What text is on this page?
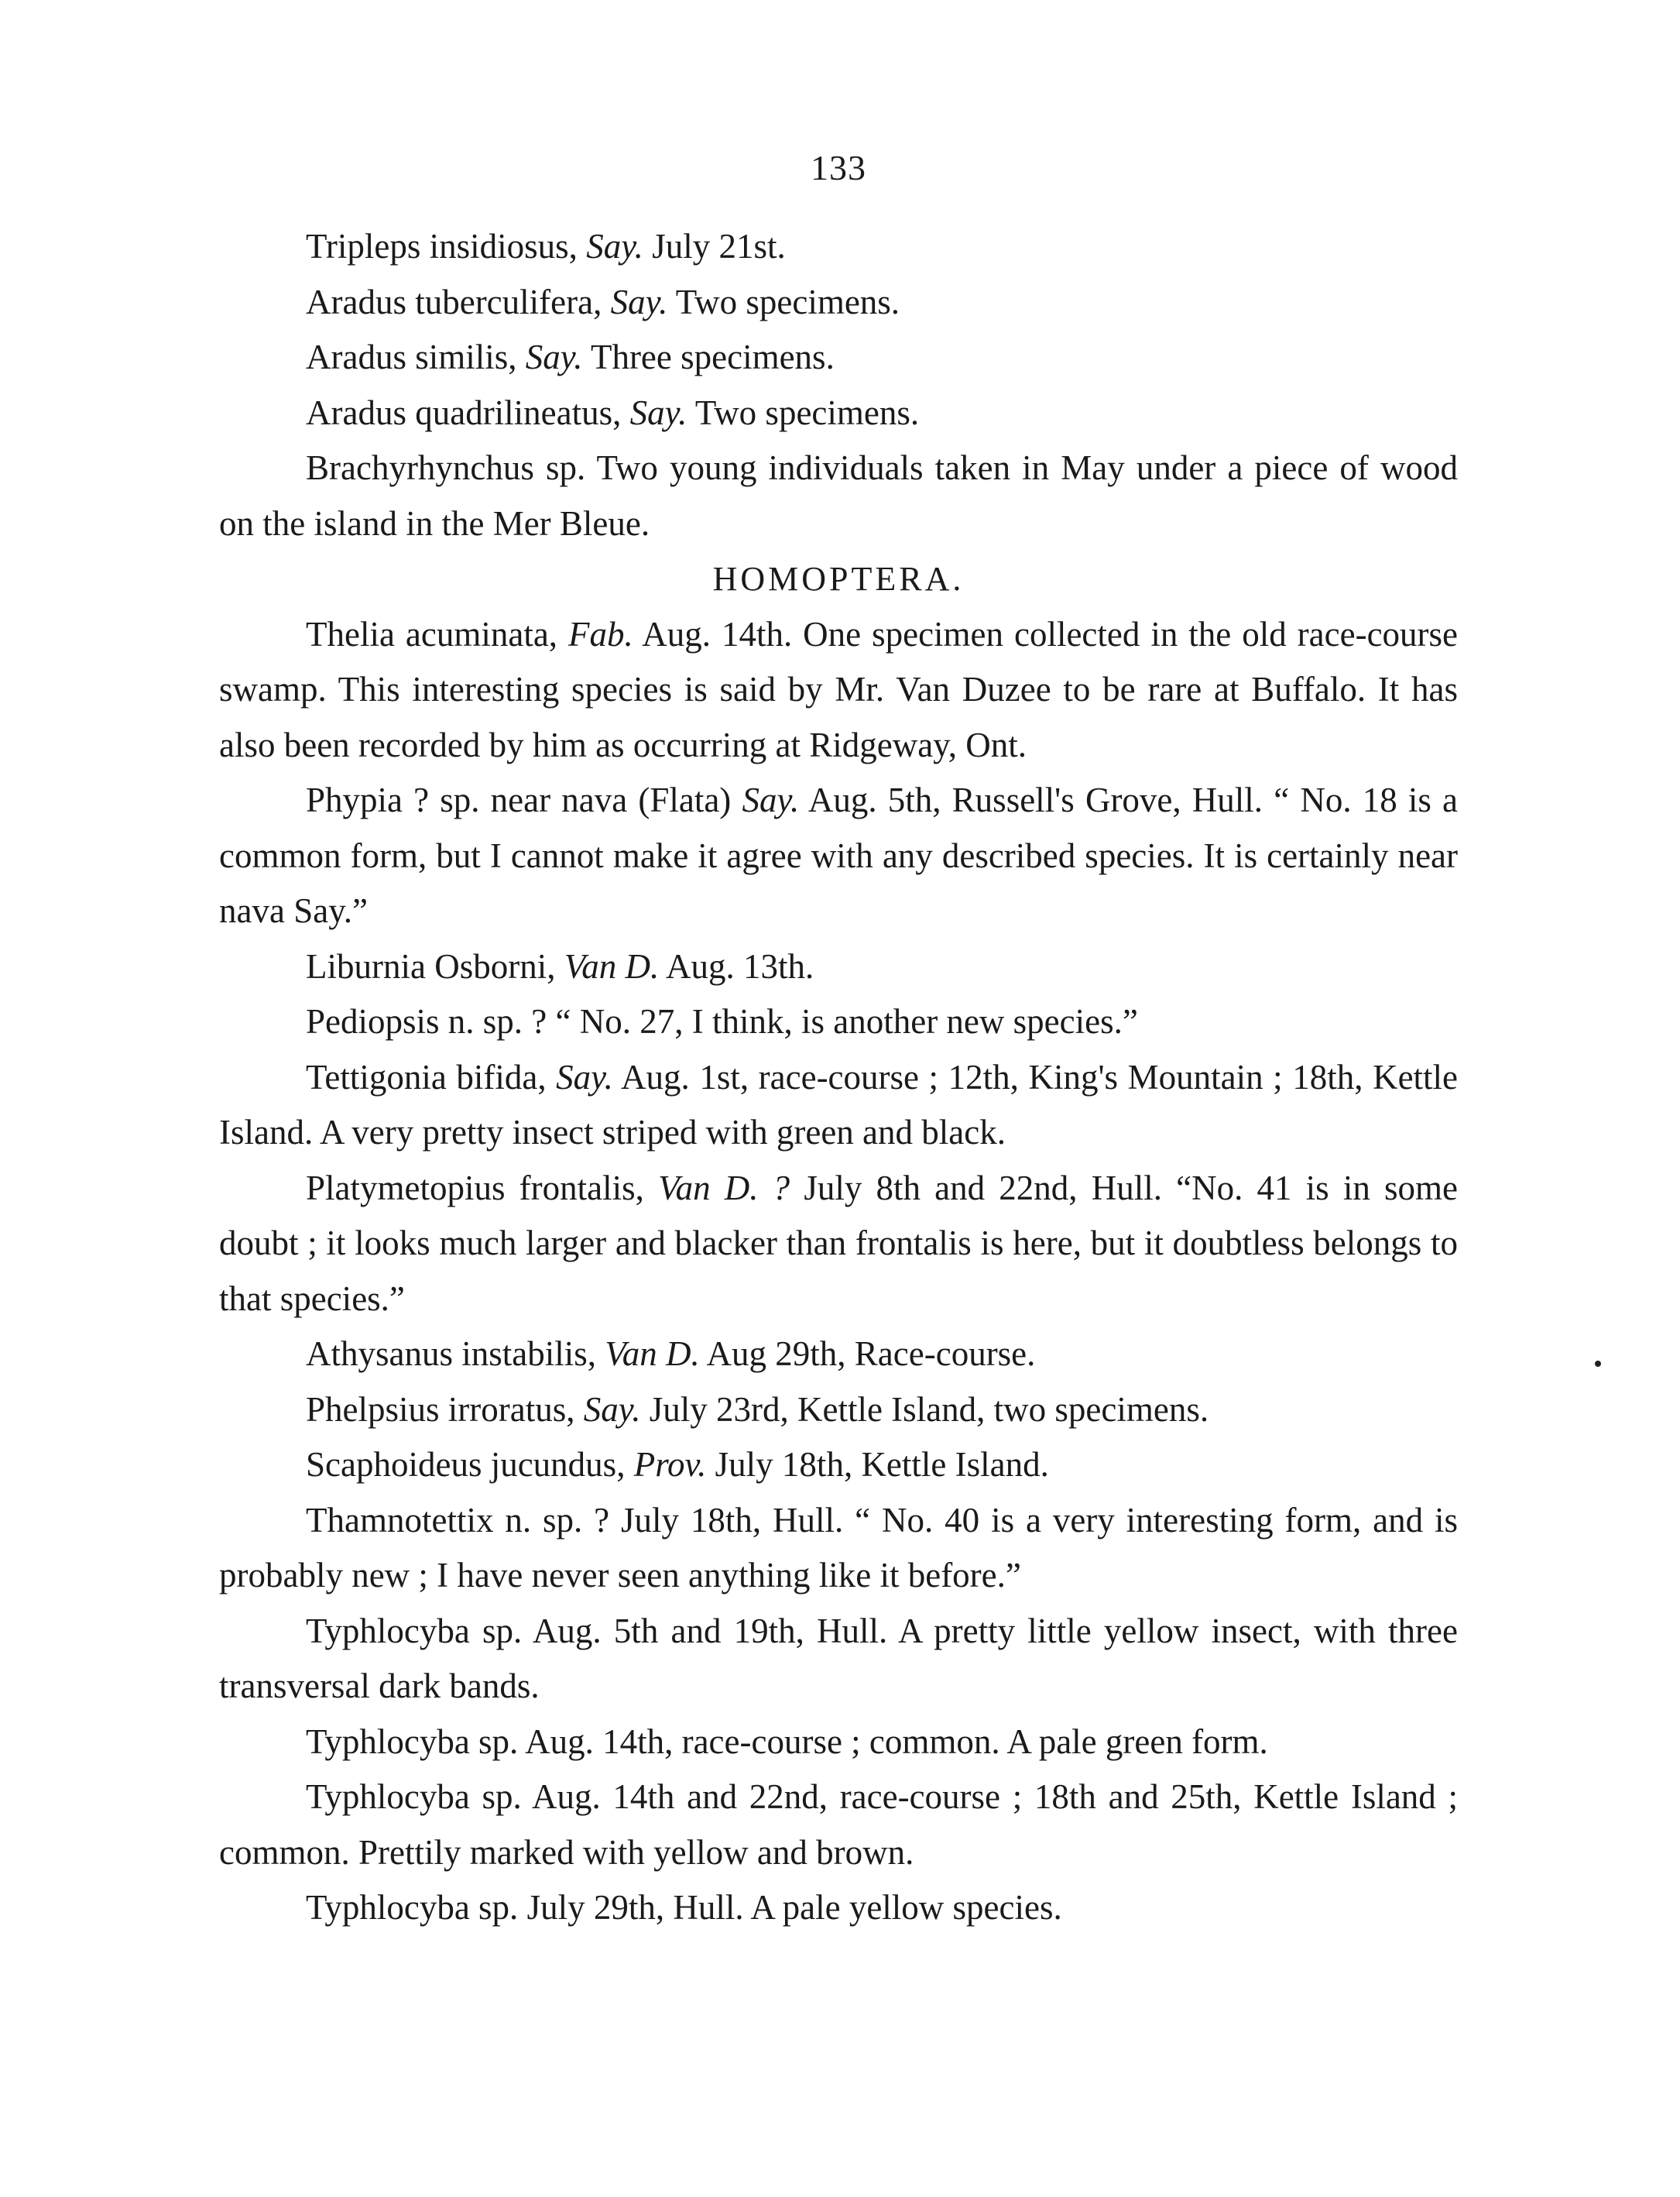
133

Tripleps insidiosus, Say. July 21st.

Aradus tuberculifera, Say. Two specimens.

Aradus similis, Say. Three specimens.

Aradus quadrilineatus, Say. Two specimens.

Brachyrhynchus sp. Two young individuals taken in May under a piece of wood on the island in the Mer Bleue.

HOMOPTERA.

Thelia acuminata, Fab. Aug. 14th. One specimen collected in the old race-course swamp. This interesting species is said by Mr. Van Duzee to be rare at Buffalo. It has also been recorded by him as occurring at Ridgeway, Ont.

Phypia ? sp. near nava (Flata) Say. Aug. 5th, Russell's Grove, Hull. “ No. 18 is a common form, but I cannot make it agree with any described species. It is certainly near nava Say.”

Liburnia Osborni, Van D. Aug. 13th.

Pediopsis n. sp. ? “ No. 27, I think, is another new species.”

Tettigonia bifida, Say. Aug. 1st, race-course ; 12th, King's Mountain ; 18th, Kettle Island. A very pretty insect striped with green and black.

Platymetopius frontalis, Van D. ? July 8th and 22nd, Hull. “No. 41 is in some doubt ; it looks much larger and blacker than frontalis is here, but it doubtless belongs to that species.”

Athysanus instabilis, Van D. Aug 29th, Race-course.

Phelpsius irroratus, Say. July 23rd, Kettle Island, two specimens.

Scaphoideus jucundus, Prov. July 18th, Kettle Island.

Thamnotettix n. sp. ? July 18th, Hull. “ No. 40 is a very interesting form, and is probably new ; I have never seen anything like it before.”

Typhlocyba sp. Aug. 5th and 19th, Hull. A pretty little yellow insect, with three transversal dark bands.

Typhlocyba sp. Aug. 14th, race-course ; common. A pale green form.

Typhlocyba sp. Aug. 14th and 22nd, race-course ; 18th and 25th, Kettle Island ; common. Prettily marked with yellow and brown.

Typhlocyba sp. July 29th, Hull. A pale yellow species.
